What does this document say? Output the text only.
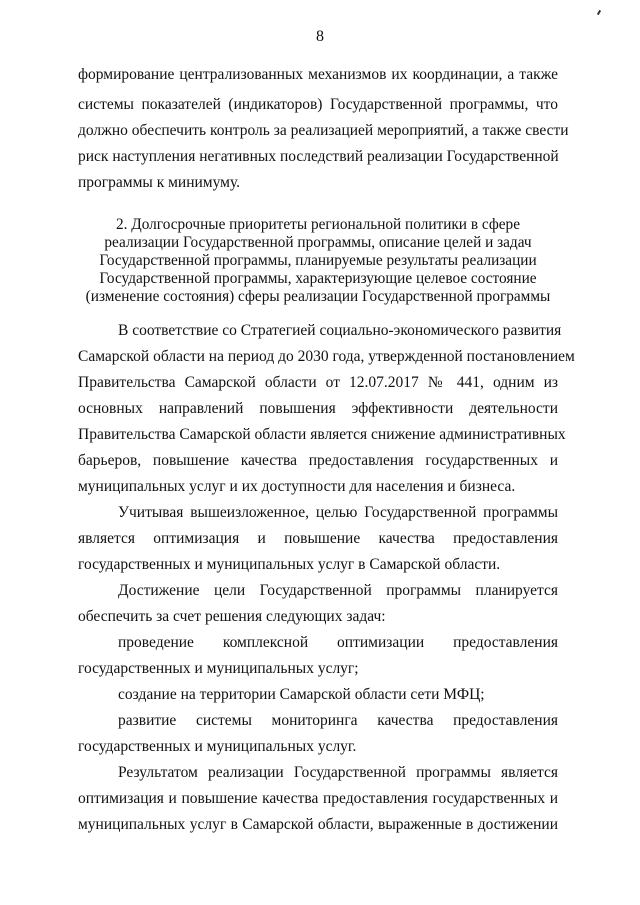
8
формирование централизованных механизмов их координации, а также
системы показателей (индикаторов) Государственной программы, что
должно обеспечить контроль за реализацией мероприятий, а также свести
риск наступления негативных последствий реализации Государственной
программы к минимуму.
2. Долгосрочные приоритеты региональной политики в сфере
реализации Государственной программы, описание целей и задач
Государственной программы, планируемые результаты реализации
Государственной программы, характеризующие целевое состояние
(изменение состояния) сферы реализации Государственной программы
В соответствие со Стратегией социально-экономического развития
Самарской области на период до 2030 года, утвержденной постановлением
Правительства Самарской области от 12.07.2017 № 441, одним из
основных направлений повышения эффективности деятельности
Правительства Самарской области является снижение административных
барьеров, повышение качества предоставления государственных и
муниципальных услуг и их доступности для населения и бизнеса.
Учитывая вышеизложенное, целью Государственной программы
является оптимизация и повышение качества предоставления
государственных и муниципальных услуг в Самарской области.
Достижение цели Государственной программы планируется
обеспечить за счет решения следующих задач:
проведение комплексной оптимизации предоставления
государственных и муниципальных услуг;
создание на территории Самарской области сети МФЦ;
развитие системы мониторинга качества предоставления
государственных и муниципальных услуг.
Результатом реализации Государственной программы является
оптимизация и повышение качества предоставления государственных и
муниципальных услуг в Самарской области, выраженные в достижении
